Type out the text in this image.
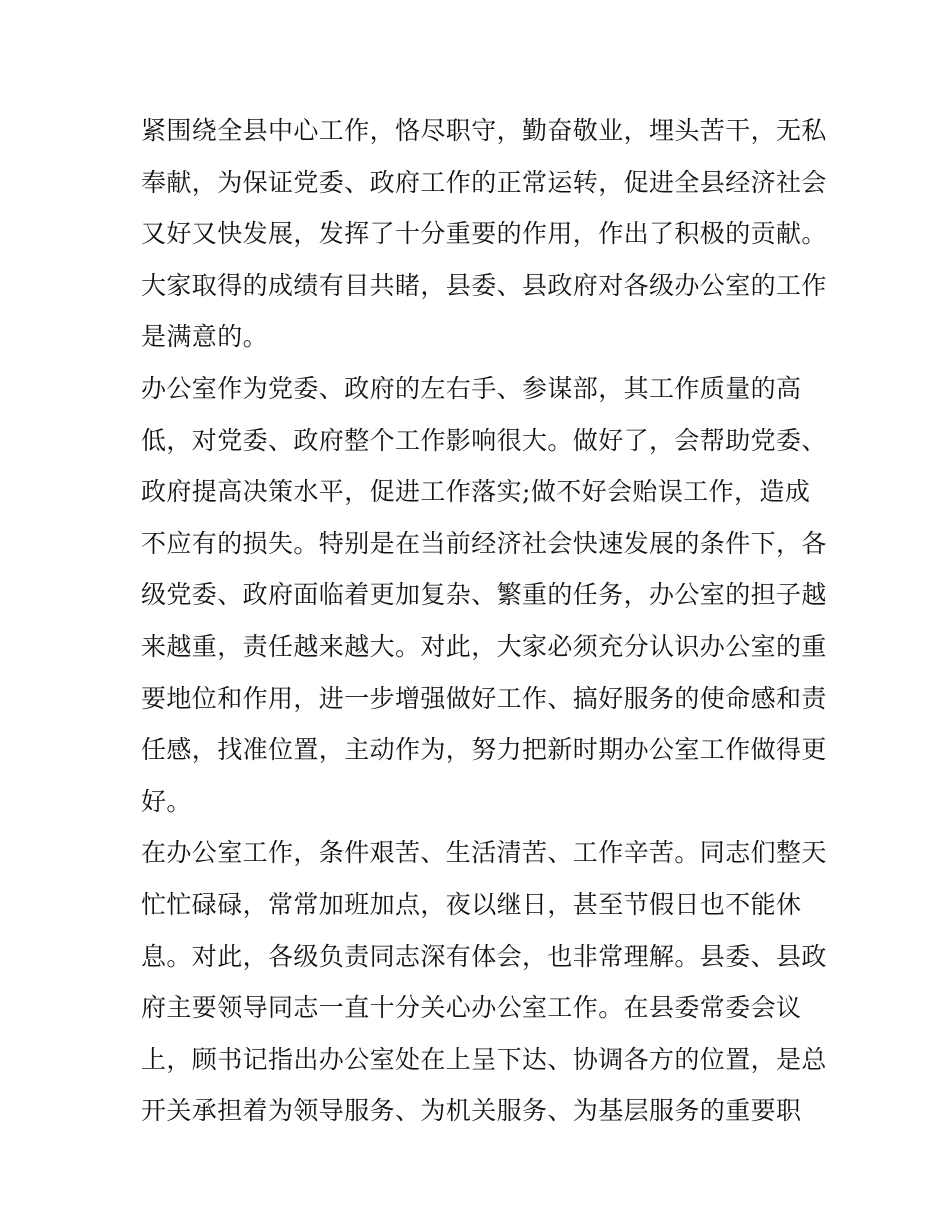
紧围绕全县中心工作，恪尽职守，勤奋敬业，埋头苦干，无私
奉献，为保证党委、政府工作的正常运转，促进全县经济社会
又好又快发展，发挥了十分重要的作用，作出了积极的贡献。
大家取得的成绩有目共睹，县委、县政府对各级办公室的工作
是满意的。
办公室作为党委、政府的左右手、参谋部，其工作质量的高
低，对党委、政府整个工作影响很大。做好了，会帮助党委、
政府提高决策水平，促进工作落实;做不好会贻误工作，造成
不应有的损失。特别是在当前经济社会快速发展的条件下，各
级党委、政府面临着更加复杂、繁重的任务，办公室的担子越
来越重，责任越来越大。对此，大家必须充分认识办公室的重
要地位和作用，进一步增强做好工作、搞好服务的使命感和责
任感，找准位置，主动作为，努力把新时期办公室工作做得更
好。
在办公室工作，条件艰苦、生活清苦、工作辛苦。同志们整天
忙忙碌碌，常常加班加点，夜以继日，甚至节假日也不能休
息。对此，各级负责同志深有体会，也非常理解。县委、县政
府主要领导同志一直十分关心办公室工作。在县委常委会议
上，顾书记指出办公室处在上呈下达、协调各方的位置，是总
开关承担着为领导服务、为机关服务、为基层服务的重要职
